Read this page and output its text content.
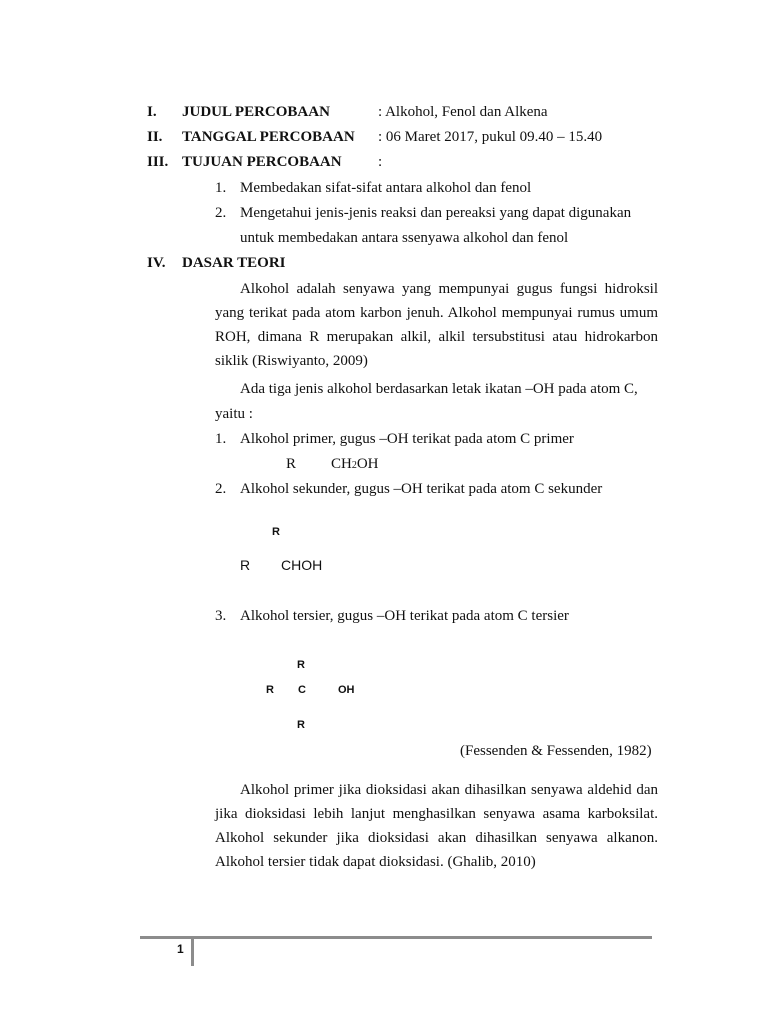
I. JUDUL PERCOBAAN	: Alkohol, Fenol dan Alkena
II. TANGGAL PERCOBAAN : 06 Maret 2017, pukul 09.40 – 15.40
III. TUJUAN PERCOBAAN :
1. Membedakan sifat-sifat antara alkohol dan fenol
2. Mengetahui jenis-jenis reaksi dan pereaksi yang dapat digunakan
untuk membedakan antara ssenyawa alkohol dan fenol
IV. DASAR TEORI
Alkohol adalah senyawa yang mempunyai gugus fungsi hidroksil yang terikat pada atom karbon jenuh. Alkohol mempunyai rumus umum ROH, dimana R merupakan alkil, alkil tersubstitusi atau hidrokarbon siklik (Riswiyanto, 2009)
Ada tiga jenis alkohol berdasarkan letak ikatan –OH pada atom C,
yaitu :
1. Alkohol primer, gugus –OH terikat pada atom C primer
R CH2OH
2. Alkohol sekunder, gugus –OH terikat pada atom C sekunder
R
R CHOH
3. Alkohol tersier, gugus –OH terikat pada atom C tersier
R
R C	OH
R
(Fessenden & Fessenden, 1982)
Alkohol primer jika dioksidasi akan dihasilkan senyawa aldehid dan jika dioksidasi lebih lanjut menghasilkan senyawa asama karboksilat. Alkohol sekunder jika dioksidasi akan dihasilkan senyawa alkanon. Alkohol tersier tidak dapat dioksidasi. (Ghalib, 2010)
1
